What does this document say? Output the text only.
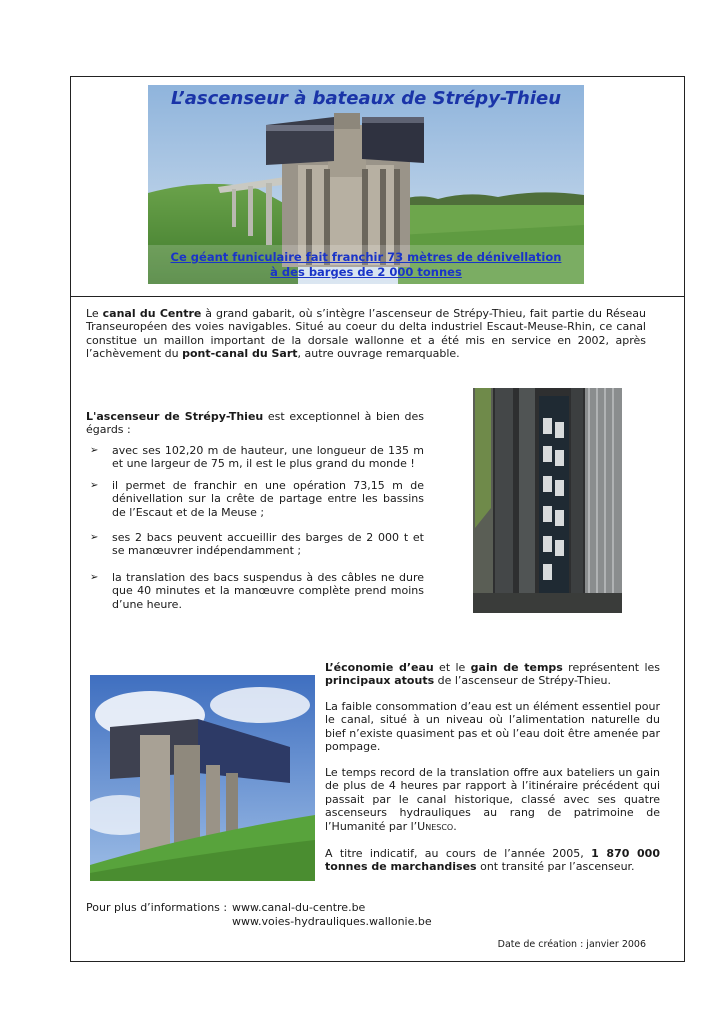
L’ascenseur à bateaux de Strépy-Thieu
Ce géant funiculaire fait franchir 73 mètres de dénivellation
à des barges de 2 000 tonnes
Le canal du Centre à grand gabarit, où s’intègre l’ascenseur de Strépy-Thieu, fait partie du Réseau Transeuropéen des voies navigables. Situé au coeur du delta industriel Escaut-Meuse-Rhin, ce canal constitue un maillon important de la dorsale wallonne et a été mis en service en 2002, après l’achèvement du pont-canal du Sart, autre ouvrage remarquable.
L'ascenseur de Strépy-Thieu est exceptionnel à bien des égards :
➢ avec ses 102,20 m de hauteur, une longueur de 135 m et une largeur de 75 m, il est le plus grand du monde !
➢ il permet de franchir en une opération 73,15 m de dénivellation sur la crête de partage entre les bassins de l’Escaut et de la Meuse ;
➢ ses 2 bacs peuvent accueillir des barges de 2 000 t et se manœuvrer indépendamment ;
➢ la translation des bacs suspendus à des câbles ne dure que 40 minutes et la manœuvre complète prend moins d’une heure.
L’économie d’eau et le gain de temps représentent les principaux atouts de l’ascenseur de Strépy-Thieu.
La faible consommation d’eau est un élément essentiel pour le canal, situé à un niveau où l’alimentation naturelle du bief n’existe quasiment pas et où l’eau doit être amenée par pompage.
Le temps record de la translation offre aux bateliers un gain de plus de 4 heures par rapport à l’itinéraire précédent qui passait par le canal historique, classé avec ses quatre ascenseurs hydrauliques au rang de patrimoine de l’Humanité par l’Unesco.
A titre indicatif, au cours de l’année 2005, 1 870 000 tonnes de marchandises ont transité par l’ascenseur.
Pour plus d’informations :www.canal-du-centre.be
www.voies-hydrauliques.wallonie.be
Date de création : janvier 2006
